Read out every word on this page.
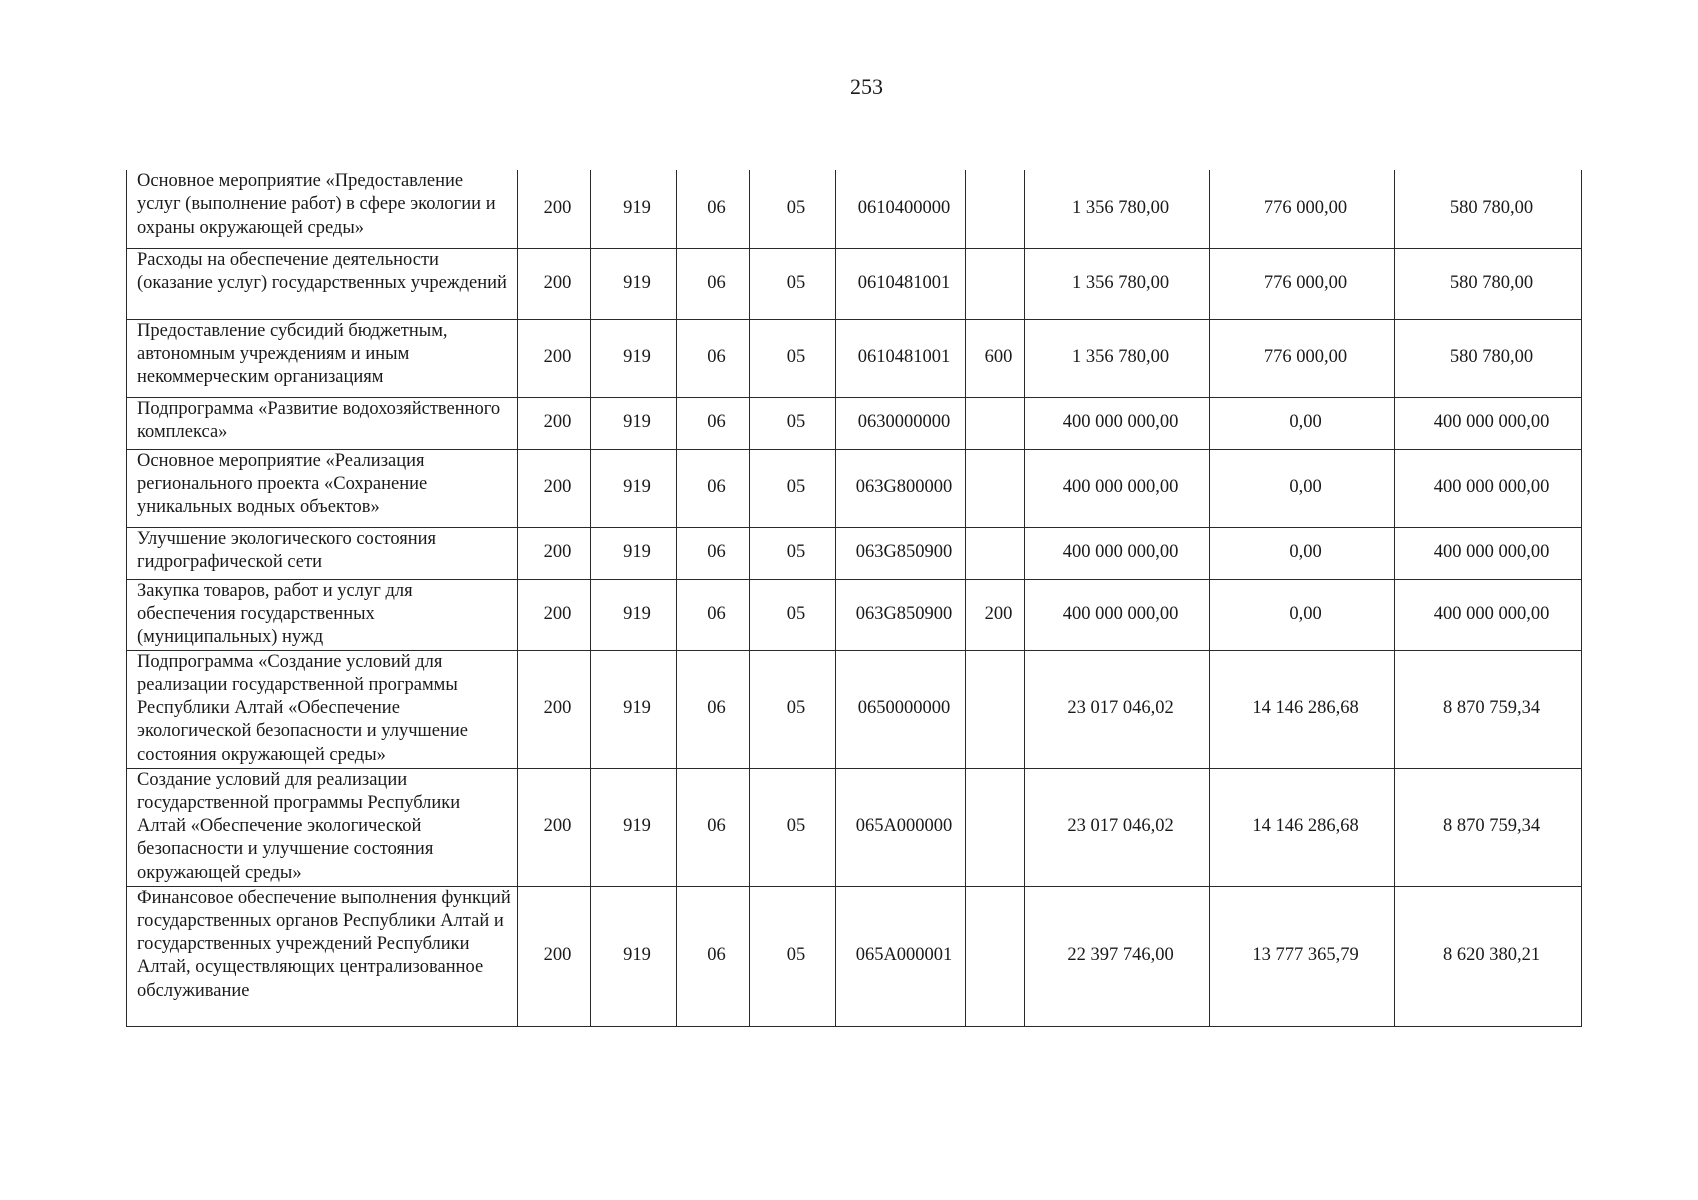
253
Основное мероприятие «Предоставление услуг (выполнение работ) в сфере экологии и охраны окружающей среды»	200	919	06	05	0610400000		1 356 780,00	776 000,00	580 780,00

Расходы на обеспечение деятельности (оказание услуг) государственных учреждений	200	919	06	05	0610481001		1 356 780,00	776 000,00	580 780,00

Предоставление субсидий бюджетным, автономным учреждениям и иным некоммерческим организациям	200	919	06	05	0610481001	600	1 356 780,00	776 000,00	580 780,00

Подпрограмма «Развитие водохозяйственного комплекса»	200	919	06	05	0630000000		400 000 000,00	0,00	400 000 000,00

Основное мероприятие «Реализация регионального проекта «Сохранение уникальных водных объектов»	200	919	06	05	063G800000		400 000 000,00	0,00	400 000 000,00

Улучшение экологического состояния гидрографической сети	200	919	06	05	063G850900		400 000 000,00	0,00	400 000 000,00

Закупка товаров, работ и услуг для обеспечения государственных (муниципальных) нужд	200	919	06	05	063G850900	200	400 000 000,00	0,00	400 000 000,00

Подпрограмма «Создание условий для реализации государственной программы Республики Алтай «Обеспечение экологической безопасности и улучшение состояния окружающей среды»	200	919	06	05	0650000000		23 017 046,02	14 146 286,68	8 870 759,34

Создание условий для реализации государственной программы Республики Алтай «Обеспечение экологической безопасности и улучшение состояния окружающей среды»	200	919	06	05	065A000000		23 017 046,02	14 146 286,68	8 870 759,34

Финансовое обеспечение выполнения функций государственных органов Республики Алтай и государственных учреждений Республики Алтай, осуществляющих централизованное обслуживание	200	919	06	05	065A000001		22 397 746,00	13 777 365,79	8 620 380,21
